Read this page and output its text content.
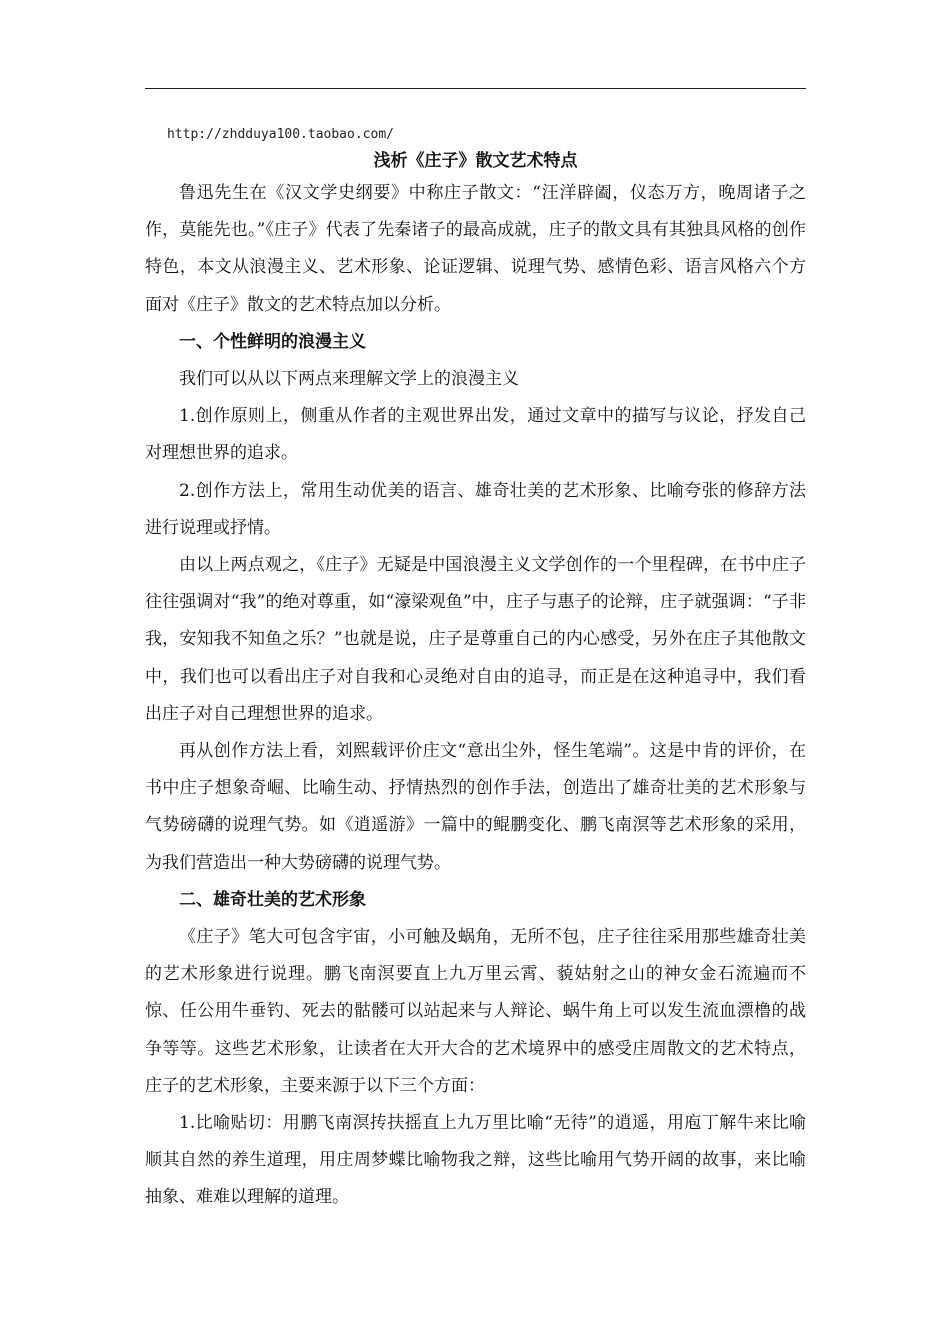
http://zhdduya100.taobao.com/
浅析《庄子》散文艺术特点

鲁迅先生在《汉文学史纲要》中称庄子散文：“汪洋辟阖，仪态万方，晚周诸子之作，莫能先也。”《庄子》代表了先秦诸子的最高成就，庄子的散文具有其独具风格的创作特色，本文从浪漫主义、艺术形象、论证逻辑、说理气势、感情色彩、语言风格六个方面对《庄子》散文的艺术特点加以分析。

一、个性鲜明的浪漫主义

我们可以从以下两点来理解文学上的浪漫主义

1.创作原则上，侧重从作者的主观世界出发，通过文章中的描写与议论，抒发自己对理想世界的追求。

2.创作方法上，常用生动优美的语言、雄奇壮美的艺术形象、比喻夸张的修辞方法进行说理或抒情。

由以上两点观之，《庄子》无疑是中国浪漫主义文学创作的一个里程碑，在书中庄子往往强调对“我”的绝对尊重，如“濠梁观鱼”中，庄子与惠子的论辩，庄子就强调：“子非我，安知我不知鱼之乐？”也就是说，庄子是尊重自己的内心感受，另外在庄子其他散文中，我们也可以看出庄子对自我和心灵绝对自由的追寻，而正是在这种追寻中，我们看出庄子对自己理想世界的追求。

再从创作方法上看，刘熙载评价庄文“意出尘外，怪生笔端”。这是中肯的评价，在书中庄子想象奇崛、比喻生动、抒情热烈的创作手法，创造出了雄奇壮美的艺术形象与气势磅礴的说理气势。如《逍遥游》一篇中的鲲鹏变化、鹏飞南溟等艺术形象的采用，为我们营造出一种大势磅礴的说理气势。

二、雄奇壮美的艺术形象

《庄子》笔大可包含宇宙，小可触及蜗角，无所不包，庄子往往采用那些雄奇壮美的艺术形象进行说理。鹏飞南溟要直上九万里云霄、藐姑射之山的神女金石流遍而不惊、任公用牛垂钓、死去的骷髅可以站起来与人辩论、蜗牛角上可以发生流血漂橹的战争等等。这些艺术形象，让读者在大开大合的艺术境界中的感受庄周散文的艺术特点，庄子的艺术形象，主要来源于以下三个方面：

1.比喻贴切：用鹏飞南溟抟扶摇直上九万里比喻“无待”的逍遥，用庖丁解牛来比喻顺其自然的养生道理，用庄周梦蝶比喻物我之辩，这些比喻用气势开阔的故事，来比喻抽象、难难以理解的道理。
